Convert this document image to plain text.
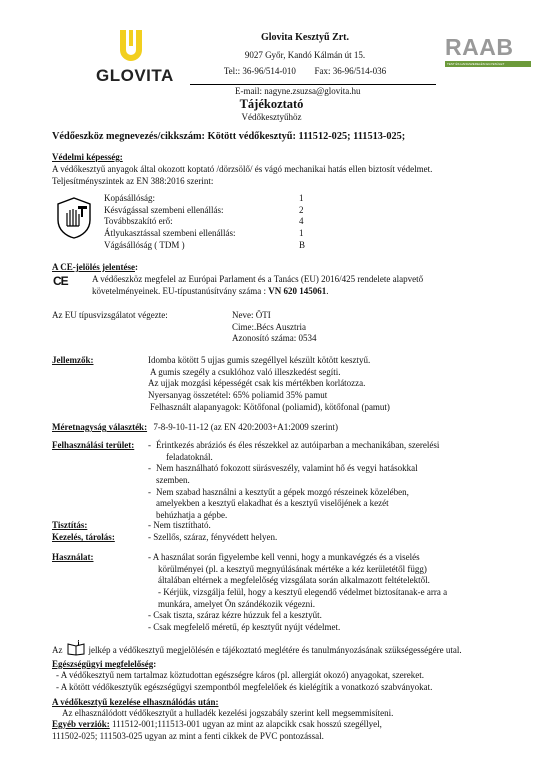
GLOVITA
Glovita Kesztyű Zrt.
9027 Győr, Kandó Kálmán út 15.
Tel:: 36-96/514-010 Fax: 36-96/514-036
RAAB
TEST ÉS HANGSZERELÉSI EGYESÜLET
E-mail: nagyne.zsuzsa@glovita.hu
Tájékoztató
Védőkesztyűhöz
Védőeszköz megnevezés/cikkszám: Kötött védőkesztyű: 111512-025; 111513-025;
Védelmi képesség:
A védőkesztyű anyagok által okozott koptató /dörzsölő/ és vágó mechanikai hatás ellen biztosít védelmet.
Teljesítményszintek az EN 388:2016 szerint:
Kopásállóság:	1
Késvágással szembeni ellenállás:	2
Továbbszakító erő:	4
Átlyukasztással szembeni ellenállás:	1
Vágásállóság ( TDM )	B
A CE-jelölés jelentése:
CE	A védőeszköz megfelel az Európai Parlament és a Tanács (EU) 2016/425 rendelete alapvető
követelményeinek. EU-típustanúsítvány száma : VN 620 145061.
Az EU típusvizsgálatot végezte:	Neve: ÖTI
Cime:.Bécs Ausztria
Azonosító száma: 0534
Jellemzők:	Idomba kötött 5 ujjas gumis szegéllyel készült kötött kesztyű.
A gumis szegély a csuklóhoz való illeszkedést segíti.
Az ujjak mozgási képességét csak kis mértékben korlátozza.
Nyersanyag összetétel: 65% poliamid 35% pamut
Felhasznált alapanyagok: Kötőfonal (poliamid), kötőfonal (pamut)
Méretnagyság választék: 7-8-9-10-11-12 (az EN 420:2003+A1:2009 szerint)
Felhasználási terület: - Érintkezés abráziós és éles részekkel az autóiparban a mechanikában, szerelési
feladatoknál.
- Nem használható fokozott sürásveszély, valamint hő és vegyi hatásokkal
szemben.
- Nem szabad használni a kesztyűt a gépek mozgó részeinek közelében,
amelyekben a kesztyű elakadhat és a kesztyű viselőjének a kezét
behúzhatja a gépbe.
Tisztítás:	- Nem tisztítható.
Kezelés, tárolás:	- Szellős, száraz, fényvédett helyen.
Használat:	- A használat során figyelembe kell venni, hogy a munkavégzés és a viselés
körülményei (pl. a kesztyű megnyúlásának mértéke a kéz kerületétől függ)
általában eltérnek a megfelelőség vizsgálata során alkalmazott feltételektől.
- Kérjük, vizsgálja felül, hogy a kesztyű elegendő védelmet biztosítanak-e arra a
munkára, amelyet Ön szándékozik végezni.
- Csak tiszta, száraz kézre húzzuk fel a kesztyűt.
- Csak megfelelő méretű, ép kesztyűt nyújt védelmet.
Az
i
jelkép a védőkesztyű megjelölésén e tájékoztató meglétére és tanulmányozásának szükségességére utal.
Egészségügyi megfelelőség:
- A védőkesztyű nem tartalmaz köztudottan egészségre káros (pl. allergiát okozó) anyagokat, szereket.
- A kötött védőkesztyűk egészségügyi szempontból megfelelőek és kielégítik a vonatkozó szabványokat.
A védőkesztyű kezelése elhasználódás után:
Az elhasználódott védőkesztyűt a hulladék kezelési jogszabály szerint kell megsemmisíteni.
Egyéb verziók: 111512-001;111513-001 ugyan az mint az alapcikk csak hosszú szegéllyel,
111502-025; 111503-025 ugyan az mint a fenti cikkek de PVC pontozással.
